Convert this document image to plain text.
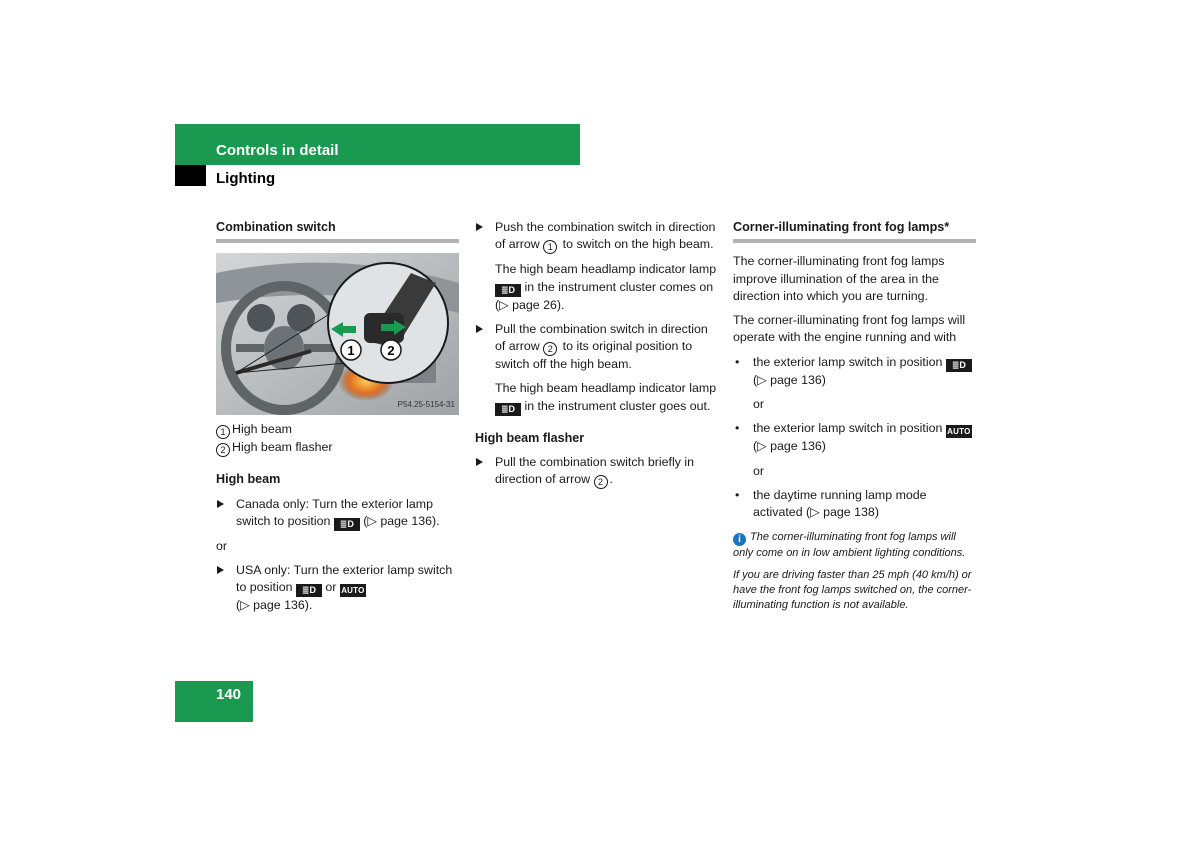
Controls in detail
Lighting
Combination switch
1	2
P54.25-5154-31
1 High beam
2 High beam flasher
High beam
Canada only: Turn the exterior lamp switch to position ≣D (▷ page 136).
or
USA only: Turn the exterior lamp switch to position ≣D or AUTO
(▷ page 136).
Push the combination switch in direction of arrow 1 to switch on the high beam.
The high beam headlamp indicator lamp ≣D in the instrument cluster comes on (▷ page 26).
Pull the combination switch in direction of arrow 2 to its original position to switch off the high beam.
The high beam headlamp indicator lamp ≣D in the instrument cluster goes out.
High beam flasher
Pull the combination switch briefly in direction of arrow 2 .
Corner-illuminating front fog lamps*
The corner-illuminating front fog lamps improve illumination of the area in the direction into which you are turning.
The corner-illuminating front fog lamps will operate with the engine running and with
• the exterior lamp switch in position ≣D (▷ page 136)
or
• the exterior lamp switch in position AUTO (▷ page 136)
or
• the daytime running lamp mode activated (▷ page 138)

i The corner-illuminating front fog lamps will only come on in low ambient lighting conditions.

If you are driving faster than 25 mph (40 km/h) or have the front fog lamps switched on, the corner-illuminating function is not available.

140
